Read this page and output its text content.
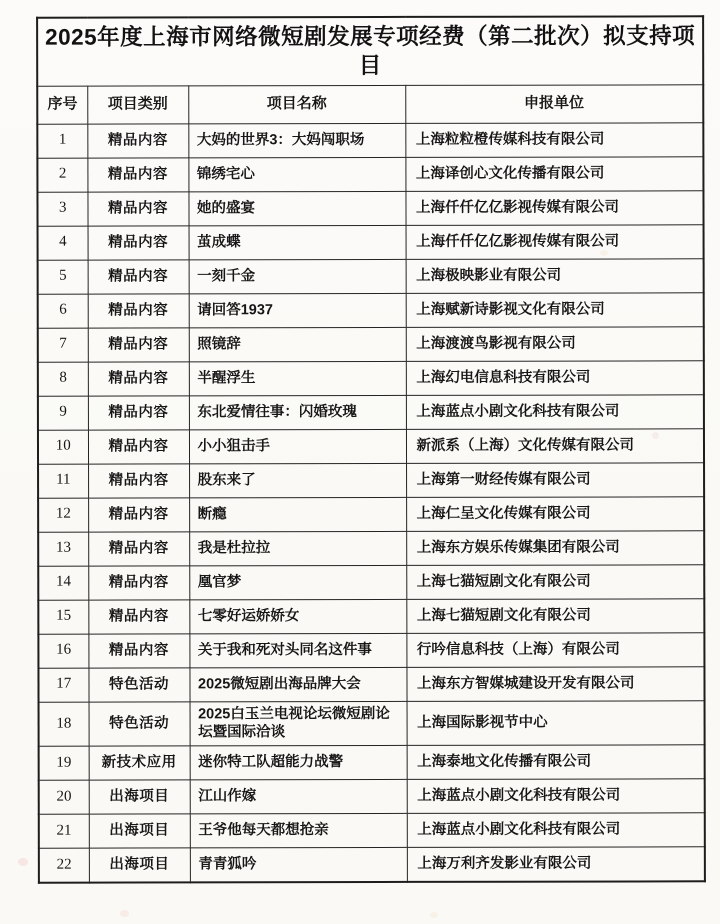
2025年度上海市网络微短剧发展专项经费（第二批次）拟支持项目			
序号	项目类别	项目名称	申报单位
1	精品内容	大妈的世界3：大妈闯职场	上海粒粒橙传媒科技有限公司
2	精品内容	锦绣宅心	上海译创心文化传播有限公司
3	精品内容	她的盛宴	上海仟仟亿亿影视传媒有限公司
4	精品内容	茧成蝶	上海仟仟亿亿影视传媒有限公司
5	精品内容	一刻千金	上海极映影业有限公司
6	精品内容	请回答1937	上海赋新诗影视文化有限公司
7	精品内容	照镜辞	上海渡渡鸟影视有限公司
8	精品内容	半醒浮生	上海幻电信息科技有限公司
9	精品内容	东北爱情往事：闪婚玫瑰	上海蓝点小剧文化科技有限公司
10	精品内容	小小狙击手	新派系（上海）文化传媒有限公司
11	精品内容	股东来了	上海第一财经传媒有限公司
12	精品内容	断瘾	上海仁呈文化传媒有限公司
13	精品内容	我是杜拉拉	上海东方娱乐传媒集团有限公司
14	精品内容	凰官梦	上海七猫短剧文化有限公司
15	精品内容	七零好运娇娇女	上海七猫短剧文化有限公司
16	精品内容	关于我和死对头同名这件事	行吟信息科技（上海）有限公司
17	特色活动	2025微短剧出海品牌大会	上海东方智媒城建设开发有限公司
18	特色活动	2025白玉兰电视论坛微短剧论坛暨国际洽谈	上海国际影视节中心
19	新技术应用	迷你特工队超能力战警	上海泰地文化传播有限公司
20	出海项目	江山作嫁	上海蓝点小剧文化科技有限公司
21	出海项目	王爷他每天都想抢亲	上海蓝点小剧文化科技有限公司
22	出海项目	青青狐吟	上海万利齐发影业有限公司
